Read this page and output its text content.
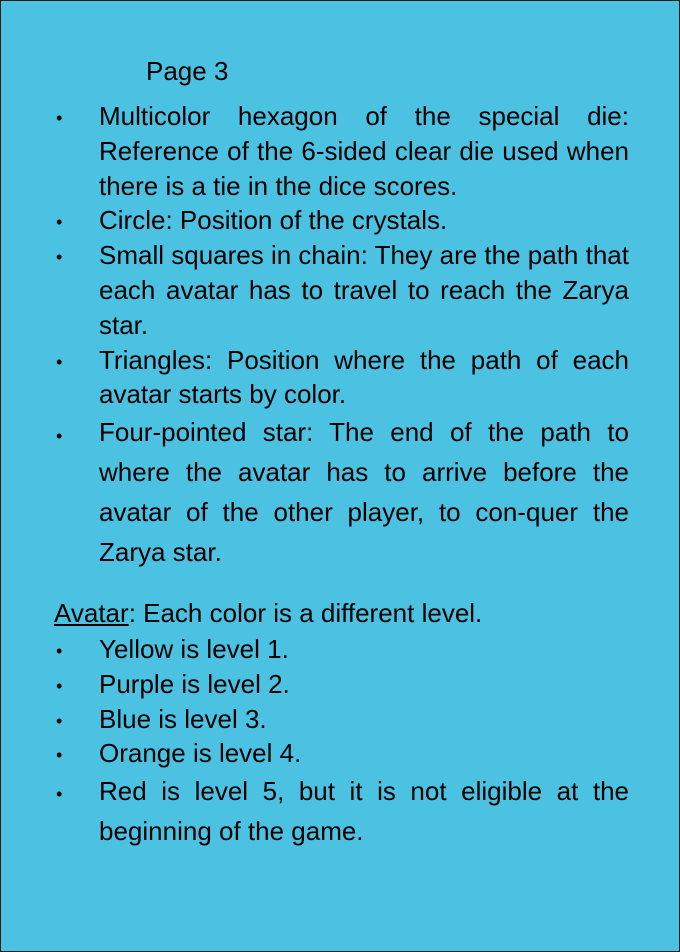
Page 3
• Multicolor hexagon of the special die: Reference of the 6-sided clear die used when there is a tie in the dice scores.
• Circle: Position of the crystals.
• Small squares in chain: They are the path that each avatar has to travel to reach the Zarya star.
• Triangles: Position where the path of each avatar starts by color.
• Four-pointed star: The end of the path to where the avatar has to arrive before the avatar of the other player, to con-quer the Zarya star.

Avatar: Each color is a different level.

• Yellow is level 1.
• Purple is level 2.
• Blue is level 3.
• Orange is level 4.
• Red is level 5, but it is not eligible at the beginning of the game.
